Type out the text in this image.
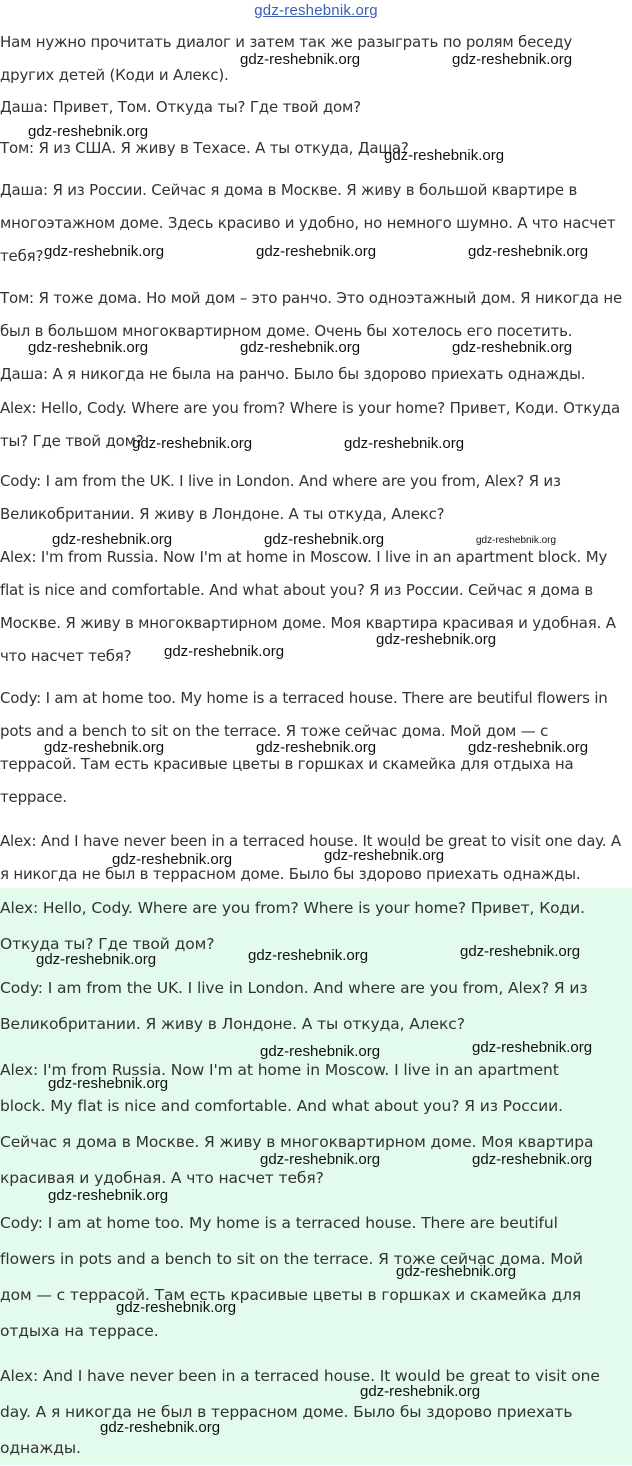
gdz-reshebnik.org
Нам нужно прочитать диалог и затем так же разыграть по ролям беседу
других детей (Коди и Алекс).
Даша: Привет, Том. Откуда ты? Где твой дом?
Том: Я из США. Я живу в Техасе. А ты откуда, Даша?
Даша: Я из России. Сейчас я дома в Москве. Я живу в большой квартире в
многоэтажном доме. Здесь красиво и удобно, но немного шумно. А что насчет
тебя?
Том: Я тоже дома. Но мой дом – это ранчо. Это одноэтажный дом. Я никогда не
был в большом многоквартирном доме. Очень бы хотелось его посетить.
Даша: А я никогда не была на ранчо. Было бы здорово приехать однажды.
Alex: Hello, Cody. Where are you from? Where is your home? Привет, Коди. Откуда
ты? Где твой дом?
Cody: I am from the UK. I live in London. And where are you from, Alex? Я из
Великобритании. Я живу в Лондоне. А ты откуда, Алекс?
Alex: I'm from Russia. Now I'm at home in Moscow. I live in an apartment block. My
flat is nice and comfortable. And what about you? Я из России. Сейчас я дома в
Москве. Я живу в многоквартирном доме. Моя квартира красивая и удобная. А
что насчет тебя?
Cody: I am at home too. My home is a terraced house. There are beutiful flowers in
pots and a bench to sit on the terrace. Я тоже сейчас дома. Мой дом — с
террасой. Там есть красивые цветы в горшках и скамейка для отдыха на
террасе.
Alex: And I have never been in a terraced house. It would be great to visit one day. A
я никогда не был в террасном доме. Было бы здорово приехать однажды.
Alex: Hello, Cody. Where are you from? Where is your home? Привет, Коди.
Откуда ты? Где твой дом?
Cody: I am from the UK. I live in London. And where are you from, Alex? Я из
Великобритании. Я живу в Лондоне. А ты откуда, Алекс?
Alex: I'm from Russia. Now I'm at home in Moscow. I live in an apartment
block. My flat is nice and comfortable. And what about you? Я из России.
Сейчас я дома в Москве. Я живу в многоквартирном доме. Моя квартира
красивая и удобная. А что насчет тебя?
Cody: I am at home too. My home is a terraced house. There are beutiful
flowers in pots and a bench to sit on the terrace. Я тоже сейчас дома. Мой
дом — с террасой. Там есть красивые цветы в горшках и скамейка для
отдыха на террасе.
Alex: And I have never been in a terraced house. It would be great to visit one
day. А я никогда не был в террасном доме. Было бы здорово приехать
однажды.
gdz-reshebnik.org	gdz-reshebnik.org
gdz-reshebnik.org
gdz-reshebnik.org
gdz-reshebnik.org	gdz-reshebnik.org	gdz-reshebnik.org
gdz-reshebnik.org	gdz-reshebnik.org	gdz-reshebnik.org
gdz-reshebnik.org	gdz-reshebnik.org
gdz-reshebnik.org	gdz-reshebnik.org	gdz-reshebnik.org
gdz-reshebnik.org
gdz-reshebnik.org
gdz-reshebnik.org	gdz-reshebnik.org	gdz-reshebnik.org
gdz-reshebnik.org
gdz-reshebnik.org
gdz-reshebnik.org
gdz-reshebnik.org
gdz-reshebnik.org
gdz-reshebnik.org
gdz-reshebnik.org
gdz-reshebnik.org
gdz-reshebnik.org	gdz-reshebnik.org
gdz-reshebnik.org
gdz-reshebnik.org
gdz-reshebnik.org
gdz-reshebnik.org
gdz-reshebnik.org
